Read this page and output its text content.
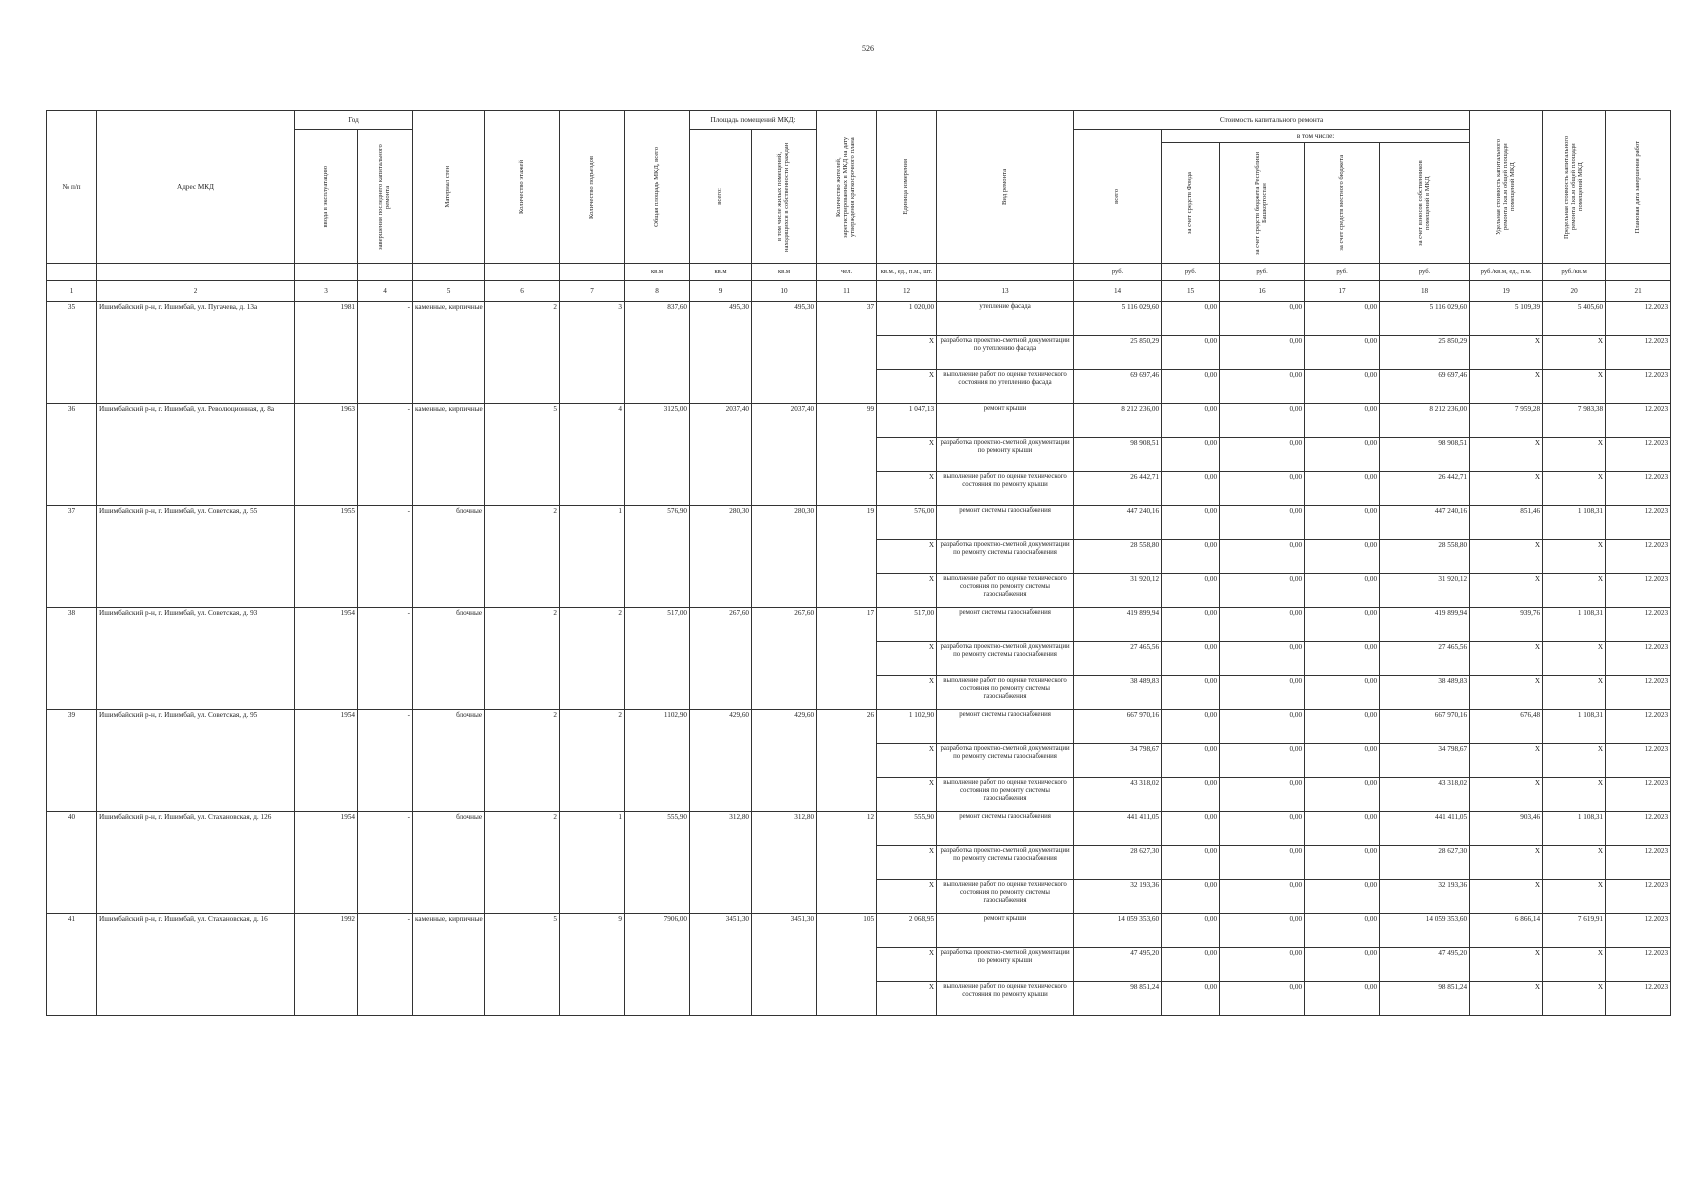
526
№ п/п	Адрес МКД	Год		Материал стен	Количество этажей	Количество подъездов	Общая площадь МКД, всего	Площадь помещений МКД:		Количество жителей, зарегистрированных в МКД на дату утверждения краткосрочного плана	Единица измерения	Вид ремонта	Стоимость капитального ремонта					Удельная стоимость капитального ремонта 1кв.м общей площади помещений МКД	Предельная стоимость капитального ремонта 1кв.м общей площади помещений МКД	Плановая дата завершения работ

		ввода в эксплуатацию	завершения последнего капитального ремонта					всего:	в том числе жилых помещений, находящихся в собственности граждан				всего	в том числе:						

														за счет средств Фонда	за счет средств бюджета Республики Башкортостан	за счет средств местного бюджета	за счет взносов собственников помещений в МКД			

							кв.м	кв.м	кв.м	чел.	кв.м., ед., п.м., шт.		руб.	руб.	руб.	руб.	руб.	руб./кв.м, ед., п.м.	руб./кв.м	
1	2	3	4	5	6	7	8	9	10	11	12	13	14	15	16	17	18	19	20	21
35	Ишимбайский р-н, г. Ишимбай, ул. Пугачева, д. 13а	1981	-	каменные, кирпичные	2	3	837,60	495,30	495,30	37	1 020,00	утепление фасада	5 116 029,60	0,00	0,00	0,00	5 116 029,60	5 109,39	5 405,60	12.2023
											X	разработка проектно-сметной документации по утеплению фасада	25 850,29	0,00	0,00	0,00	25 850,29	X	X	12.2023
											X	выполнение работ по оценке технического состояния по утеплению фасада	69 697,46	0,00	0,00	0,00	69 697,46	X	X	12.2023
36	Ишимбайский р-н, г. Ишимбай, ул. Революционная, д. 8а	1963	-	каменные, кирпичные	5	4	3125,00	2037,40	2037,40	99	1 047,13	ремонт крыши	8 212 236,00	0,00	0,00	0,00	8 212 236,00	7 959,28	7 983,38	12.2023
											X	разработка проектно-сметной документации по ремонту крыши	98 908,51	0,00	0,00	0,00	98 908,51	X	X	12.2023
											X	выполнение работ по оценке технического состояния по ремонту крыши	26 442,71	0,00	0,00	0,00	26 442,71	X	X	12.2023
37	Ишимбайский р-н, г. Ишимбай, ул. Советская, д. 55	1955	-	блочные	2	1	576,90	280,30	280,30	19	576,00	ремонт системы газоснабжения	447 240,16	0,00	0,00	0,00	447 240,16	851,46	1 108,31	12.2023
											X	разработка проектно-сметной документации по ремонту системы газоснабжения	28 558,80	0,00	0,00	0,00	28 558,80	X	X	12.2023
											X	выполнение работ по оценке технического состояния по ремонту системы газоснабжения	31 920,12	0,00	0,00	0,00	31 920,12	X	X	12.2023
38	Ишимбайский р-н, г. Ишимбай, ул. Советская, д. 93	1954	-	блочные	2	2	517,00	267,60	267,60	17	517,00	ремонт системы газоснабжения	419 899,94	0,00	0,00	0,00	419 899,94	939,76	1 108,31	12.2023
											X	разработка проектно-сметной документации по ремонту системы газоснабжения	27 465,56	0,00	0,00	0,00	27 465,56	X	X	12.2023
											X	выполнение работ по оценке технического состояния по ремонту системы газоснабжения	38 489,83	0,00	0,00	0,00	38 489,83	X	X	12.2023
39	Ишимбайский р-н, г. Ишимбай, ул. Советская, д. 95	1954	-	блочные	2	2	1102,90	429,60	429,60	26	1 102,90	ремонт системы газоснабжения	667 970,16	0,00	0,00	0,00	667 970,16	676,48	1 108,31	12.2023
											X	разработка проектно-сметной документации по ремонту системы газоснабжения	34 798,67	0,00	0,00	0,00	34 798,67	X	X	12.2023
											X	выполнение работ по оценке технического состояния по ремонту системы газоснабжения	43 318,02	0,00	0,00	0,00	43 318,02	X	X	12.2023
40	Ишимбайский р-н, г. Ишимбай, ул. Стахановская, д. 126	1954	-	блочные	2	1	555,90	312,80	312,80	12	555,90	ремонт системы газоснабжения	441 411,05	0,00	0,00	0,00	441 411,05	903,46	1 108,31	12.2023
											X	разработка проектно-сметной документации по ремонту системы газоснабжения	28 627,30	0,00	0,00	0,00	28 627,30	X	X	12.2023
											X	выполнение работ по оценке технического состояния по ремонту системы газоснабжения	32 193,36	0,00	0,00	0,00	32 193,36	X	X	12.2023
41	Ишимбайский р-н, г. Ишимбай, ул. Стахановская, д. 16	1992	-	каменные, кирпичные	5	9	7906,00	3451,30	3451,30	105	2 068,95	ремонт крыши	14 059 353,60	0,00	0,00	0,00	14 059 353,60	6 866,14	7 619,91	12.2023
											X	разработка проектно-сметной документации по ремонту крыши	47 495,20	0,00	0,00	0,00	47 495,20	X	X	12.2023
											X	выполнение работ по оценке технического состояния по ремонту крыши	98 851,24	0,00	0,00	0,00	98 851,24	X	X	12.2023
